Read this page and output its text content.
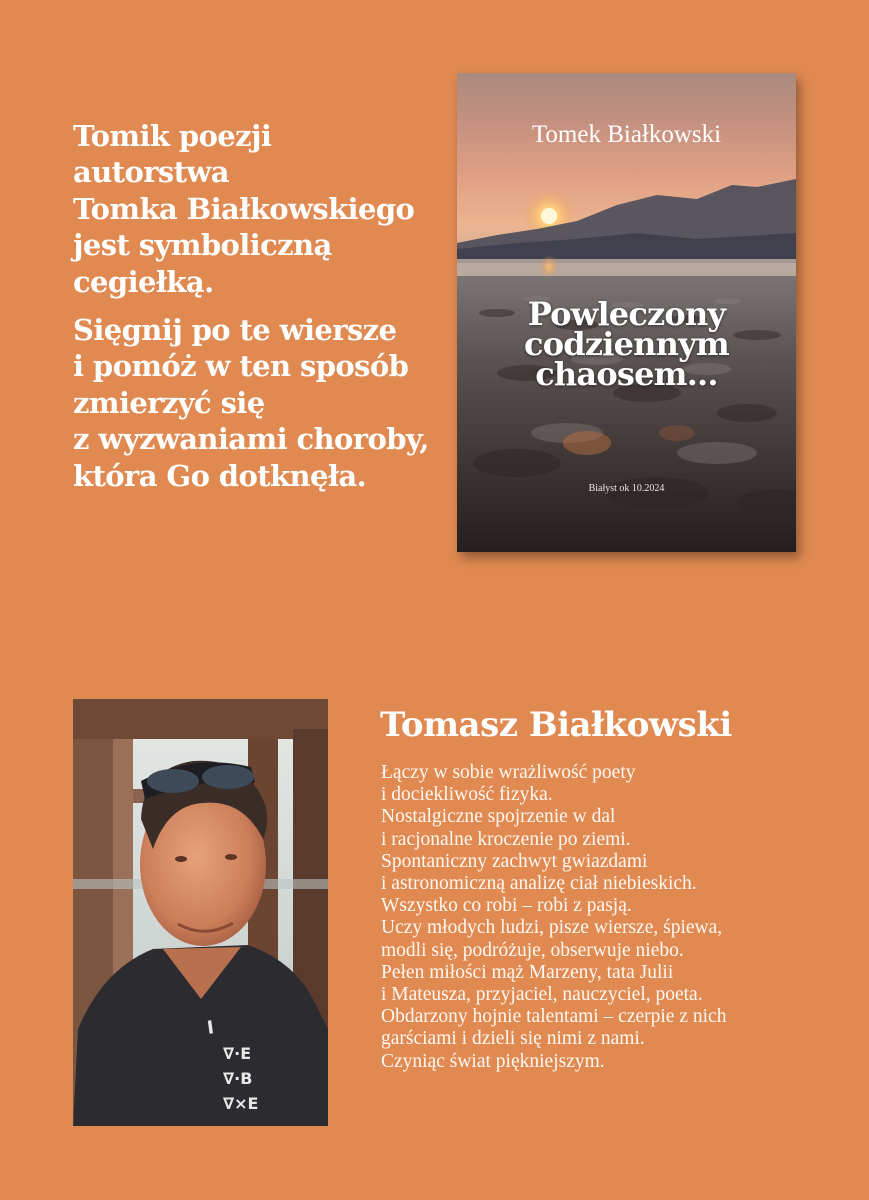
Tomik poezji
autorstwa
Tomka Białkowskiego
jest symboliczną
cegiełką.

Sięgnij po te wiersze
i pomóż w ten sposób
zmierzyć się
z wyzwaniami choroby,
która Go dotknęła.

Tomek Białkowski
Powleczony
codziennym
chaosem...
Białyst ok 10.2024
I
∇·E
∇·B
∇×E
Tomasz Białkowski
Łączy w sobie wrażliwość poety
i dociekliwość fizyka.
Nostalgiczne spojrzenie w dal
i racjonalne kroczenie po ziemi.
Spontaniczny zachwyt gwiazdami
i astronomiczną analizę ciał niebieskich.
Wszystko co robi – robi z pasją.
Uczy młodych ludzi, pisze wiersze, śpiewa,
modli się, podróżuje, obserwuje niebo.
Pełen miłości mąż Marzeny, tata Julii
i Mateusza, przyjaciel, nauczyciel, poeta.
Obdarzony hojnie talentami – czerpie z nich
garściami i dzieli się nimi z nami.
Czyniąc świat piękniejszym.
